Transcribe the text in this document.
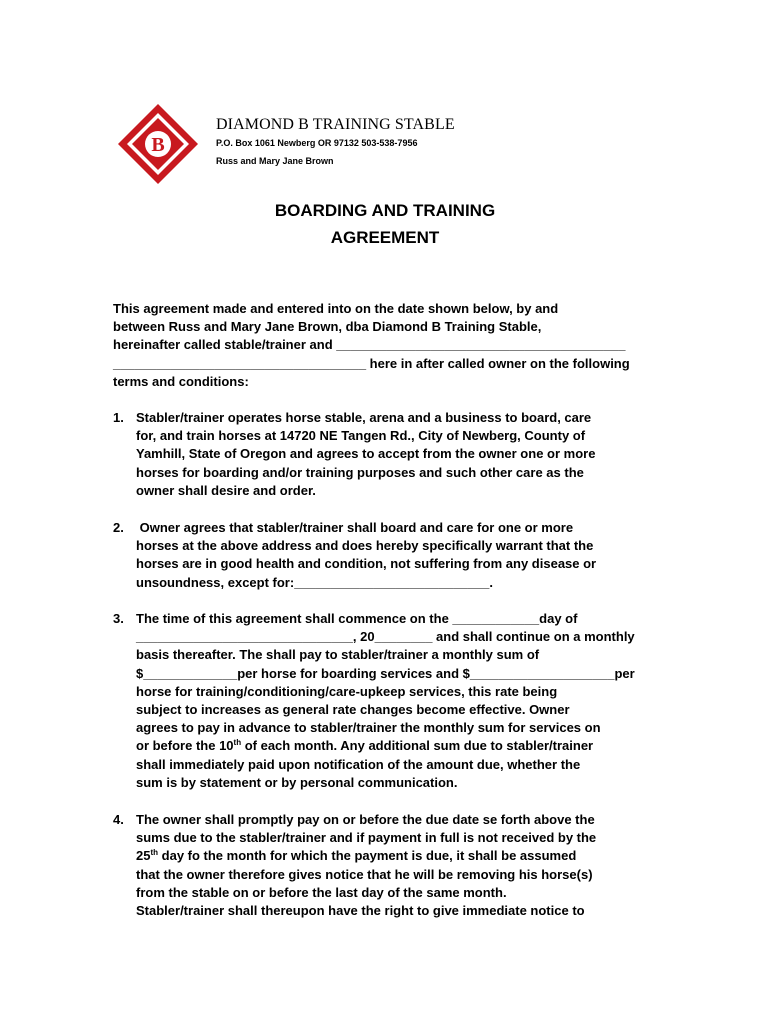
B
DIAMOND B TRAINING STABLE
P.O. Box 1061 Newberg OR 97132 503-538-7956
Russ and Mary Jane Brown
BOARDING AND TRAINING
AGREEMENT
This agreement made and entered into on the date shown below, by and
between Russ and Mary Jane Brown, dba Diamond B Training Stable,
hereinafter called stable/trainer and ________________________________________
___________________________________ here in after called owner on the following
terms and conditions:
1. Stabler/trainer operates horse stable, arena and a business to board, care
for, and train horses at 14720 NE Tangen Rd., City of Newberg, County of
Yamhill, State of Oregon and agrees to accept from the owner one or more
horses for boarding and/or training purposes and such other care as the
owner shall desire and order.
2. Owner agrees that stabler/trainer shall board and care for one or more
horses at the above address and does hereby specifically warrant that the
horses are in good health and condition, not suffering from any disease or
unsoundness, except for:___________________________.
3. The time of this agreement shall commence on the ____________day of
______________________________, 20________ and shall continue on a monthly
basis thereafter. The shall pay to stabler/trainer a monthly sum of
$_____________per horse for boarding services and $____________________per
horse for training/conditioning/care-upkeep services, this rate being
subject to increases as general rate changes become effective. Owner
agrees to pay in advance to stabler/trainer the monthly sum for services on
or before the 10th of each month. Any additional sum due to stabler/trainer
shall immediately paid upon notification of the amount due, whether the
sum is by statement or by personal communication.
4. The owner shall promptly pay on or before the due date se forth above the
sums due to the stabler/trainer and if payment in full is not received by the
25th day fo the month for which the payment is due, it shall be assumed
that the owner therefore gives notice that he will be removing his horse(s)
from the stable on or before the last day of the same month.
Stabler/trainer shall thereupon have the right to give immediate notice to
